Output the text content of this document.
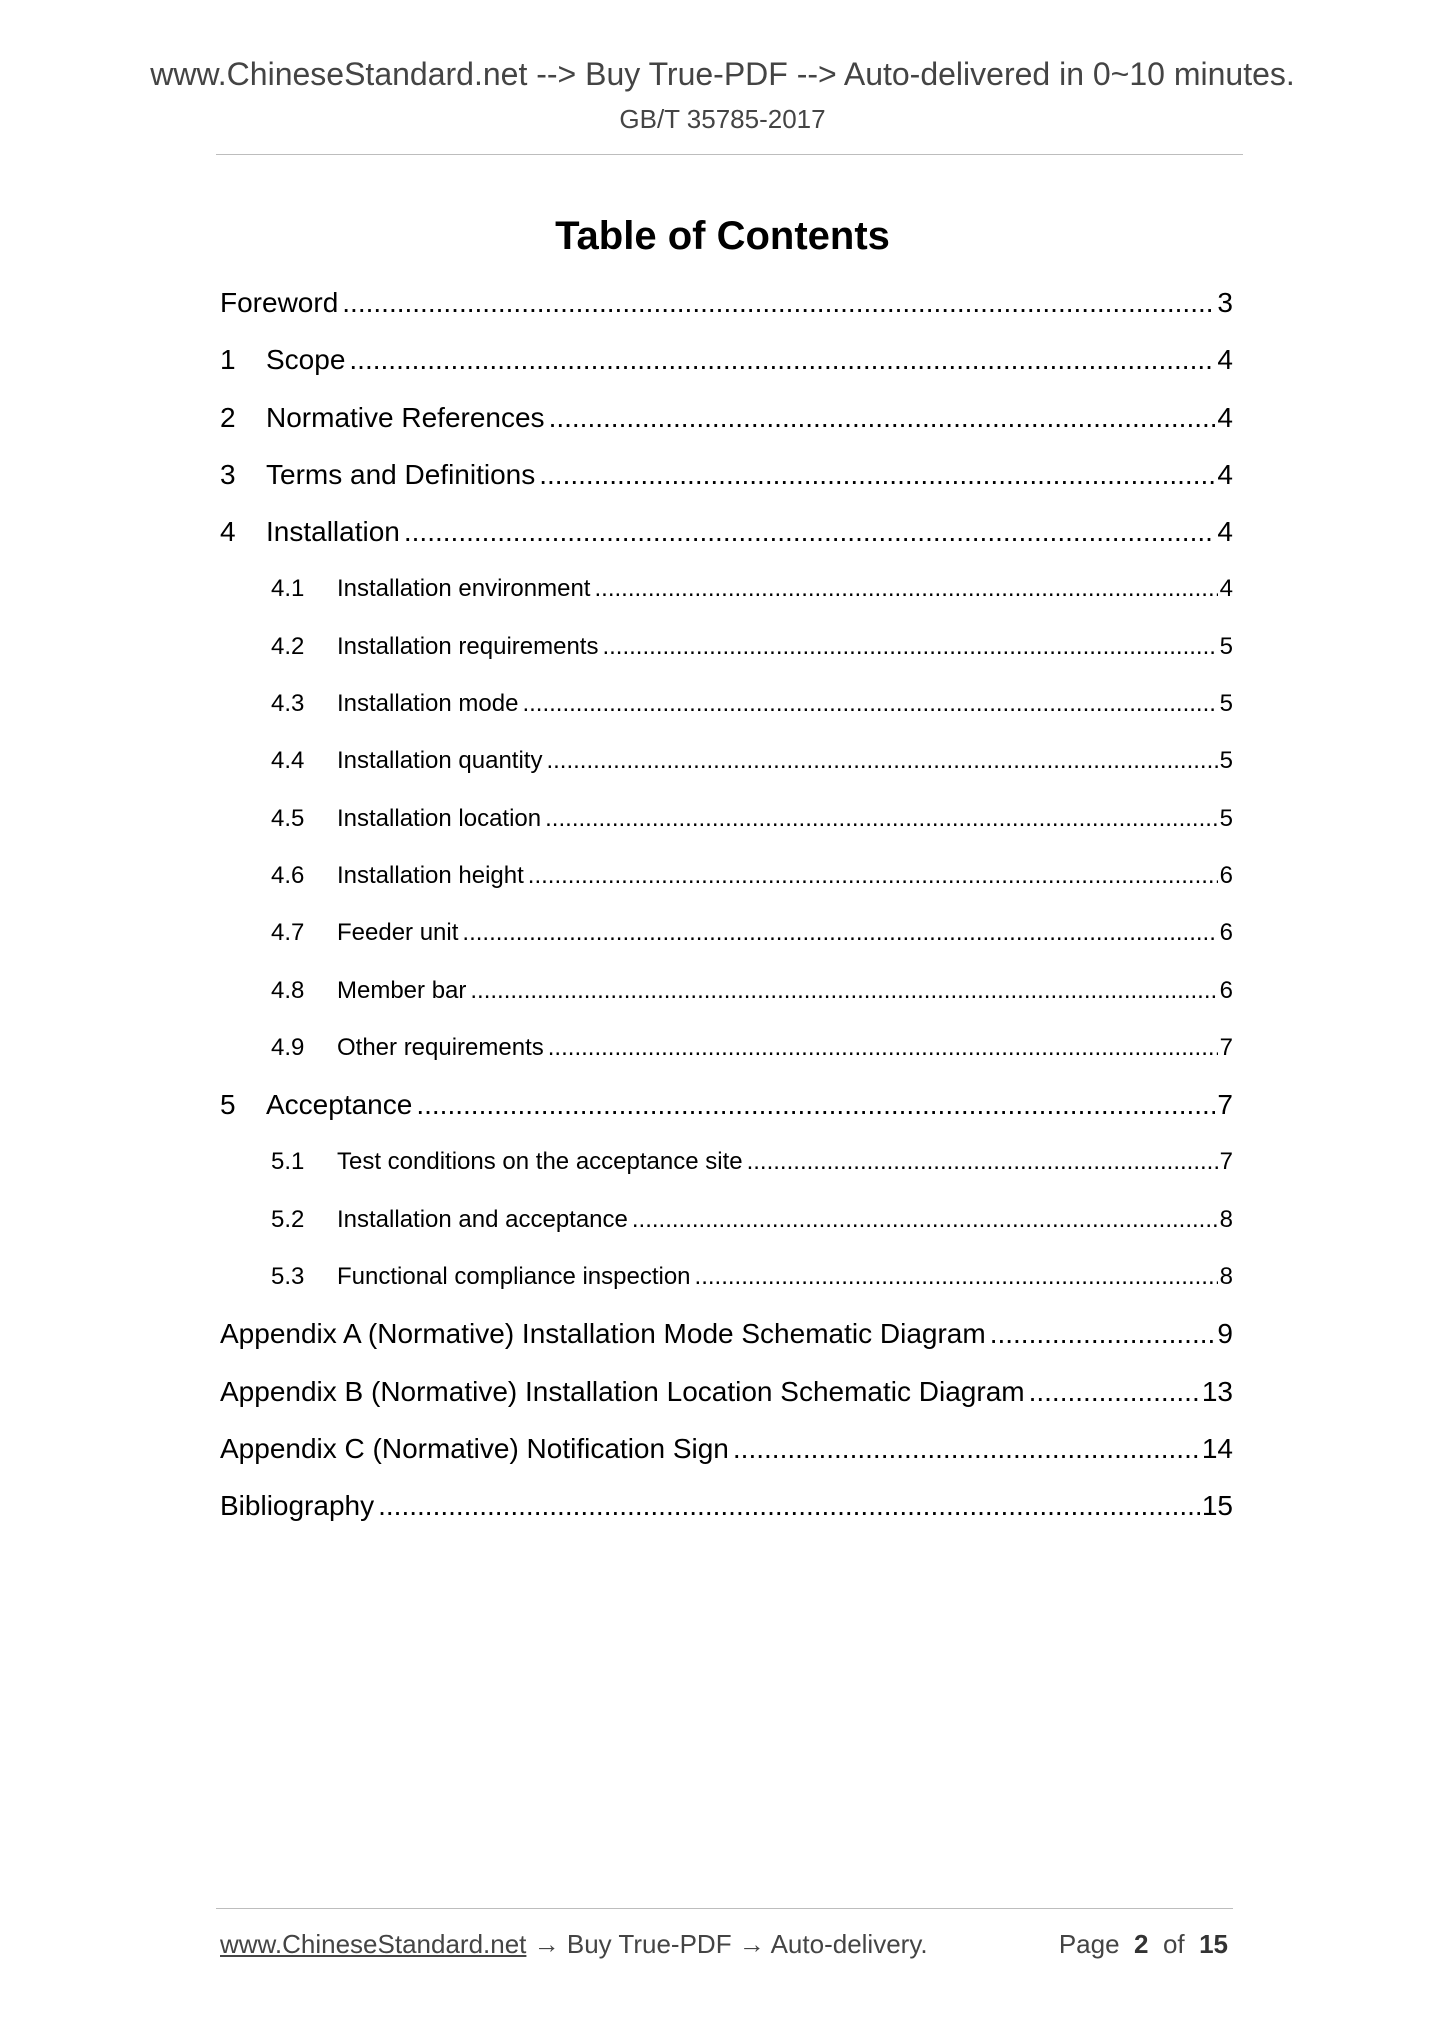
www.ChineseStandard.net --> Buy True-PDF --> Auto-delivered in 0~10 minutes.
GB/T 35785-2017
Table of Contents
Foreword .....	3
1 Scope .....	4
2 Normative References .....	4
3 Terms and Definitions .....	4
4 Installation .....	4
4.1 Installation environment .....	4
4.2 Installation requirements .....	5
4.3 Installation mode .....	5
4.4 Installation quantity .....	5
4.5 Installation location .....	5
4.6 Installation height .....	6
4.7 Feeder unit .....	6
4.8 Member bar .....	6
4.9 Other requirements .....	7
5 Acceptance .....	7
5.1 Test conditions on the acceptance site .....	7
5.2 Installation and acceptance .....	8
5.3 Functional compliance inspection .....	8
Appendix A (Normative) Installation Mode Schematic Diagram .....	9
Appendix B (Normative) Installation Location Schematic Diagram .....	13
Appendix C (Normative) Notification Sign .....	14
Bibliography .....	15
www.ChineseStandard.net → Buy True-PDF → Auto-delivery.	Page 2 of 15
